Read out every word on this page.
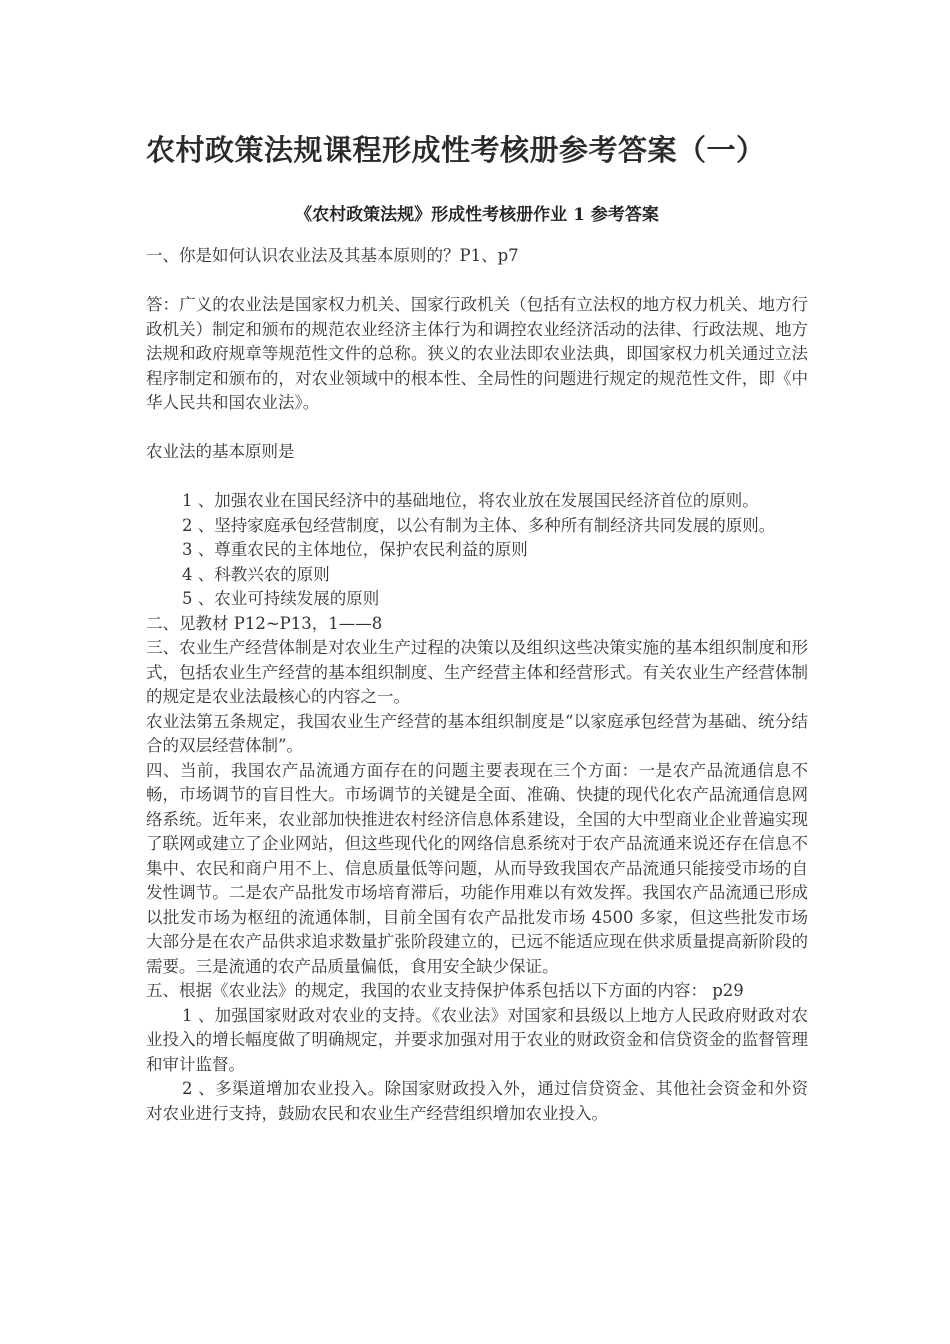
农村政策法规课程形成性考核册参考答案（一）
《农村政策法规》形成性考核册作业 1 参考答案

一、你是如何认识农业法及其基本原则的？P1、p7

答：广义的农业法是国家权力机关、国家行政机关（包括有立法权的地方权力机关、地方行政机关）制定和颁布的规范农业经济主体行为和调控农业经济活动的法律、行政法规、地方法规和政府规章等规范性文件的总称。狭义的农业法即农业法典，即国家权力机关通过立法程序制定和颁布的，对农业领域中的根本性、全局性的问题进行规定的规范性文件，即《中华人民共和国农业法》。

农业法的基本原则是

1 、加强农业在国民经济中的基础地位，将农业放在发展国民经济首位的原则。

2 、坚持家庭承包经营制度，以公有制为主体、多种所有制经济共同发展的原则。

3 、尊重农民的主体地位，保护农民利益的原则

4 、科教兴农的原则

5 、农业可持续发展的原则

二、见教材 P12~P13，1——8

三、农业生产经营体制是对农业生产过程的决策以及组织这些决策实施的基本组织制度和形式，包括农业生产经营的基本组织制度、生产经营主体和经营形式。有关农业生产经营体制的规定是农业法最核心的内容之一。

农业法第五条规定，我国农业生产经营的基本组织制度是“以家庭承包经营为基础、统分结合的双层经营体制”。

四、当前，我国农产品流通方面存在的问题主要表现在三个方面：一是农产品流通信息不畅，市场调节的盲目性大。市场调节的关键是全面、准确、快捷的现代化农产品流通信息网络系统。近年来，农业部加快推进农村经济信息体系建设，全国的大中型商业企业普遍实现了联网或建立了企业网站，但这些现代化的网络信息系统对于农产品流通来说还存在信息不集中、农民和商户用不上、信息质量低等问题，从而导致我国农产品流通只能接受市场的自发性调节。二是农产品批发市场培育滞后，功能作用难以有效发挥。我国农产品流通已形成以批发市场为枢纽的流通体制，目前全国有农产品批发市场 4500 多家，但这些批发市场大部分是在农产品供求追求数量扩张阶段建立的，已远不能适应现在供求质量提高新阶段的需要。三是流通的农产品质量偏低，食用安全缺少保证。

五、根据《农业法》的规定，我国的农业支持保护体系包括以下方面的内容： p29

1 、加强国家财政对农业的支持。《农业法》对国家和县级以上地方人民政府财政对农业投入的增长幅度做了明确规定，并要求加强对用于农业的财政资金和信贷资金的监督管理和审计监督。

2 、多渠道增加农业投入。除国家财政投入外，通过信贷资金、其他社会资金和外资对农业进行支持，鼓励农民和农业生产经营组织增加农业投入。
